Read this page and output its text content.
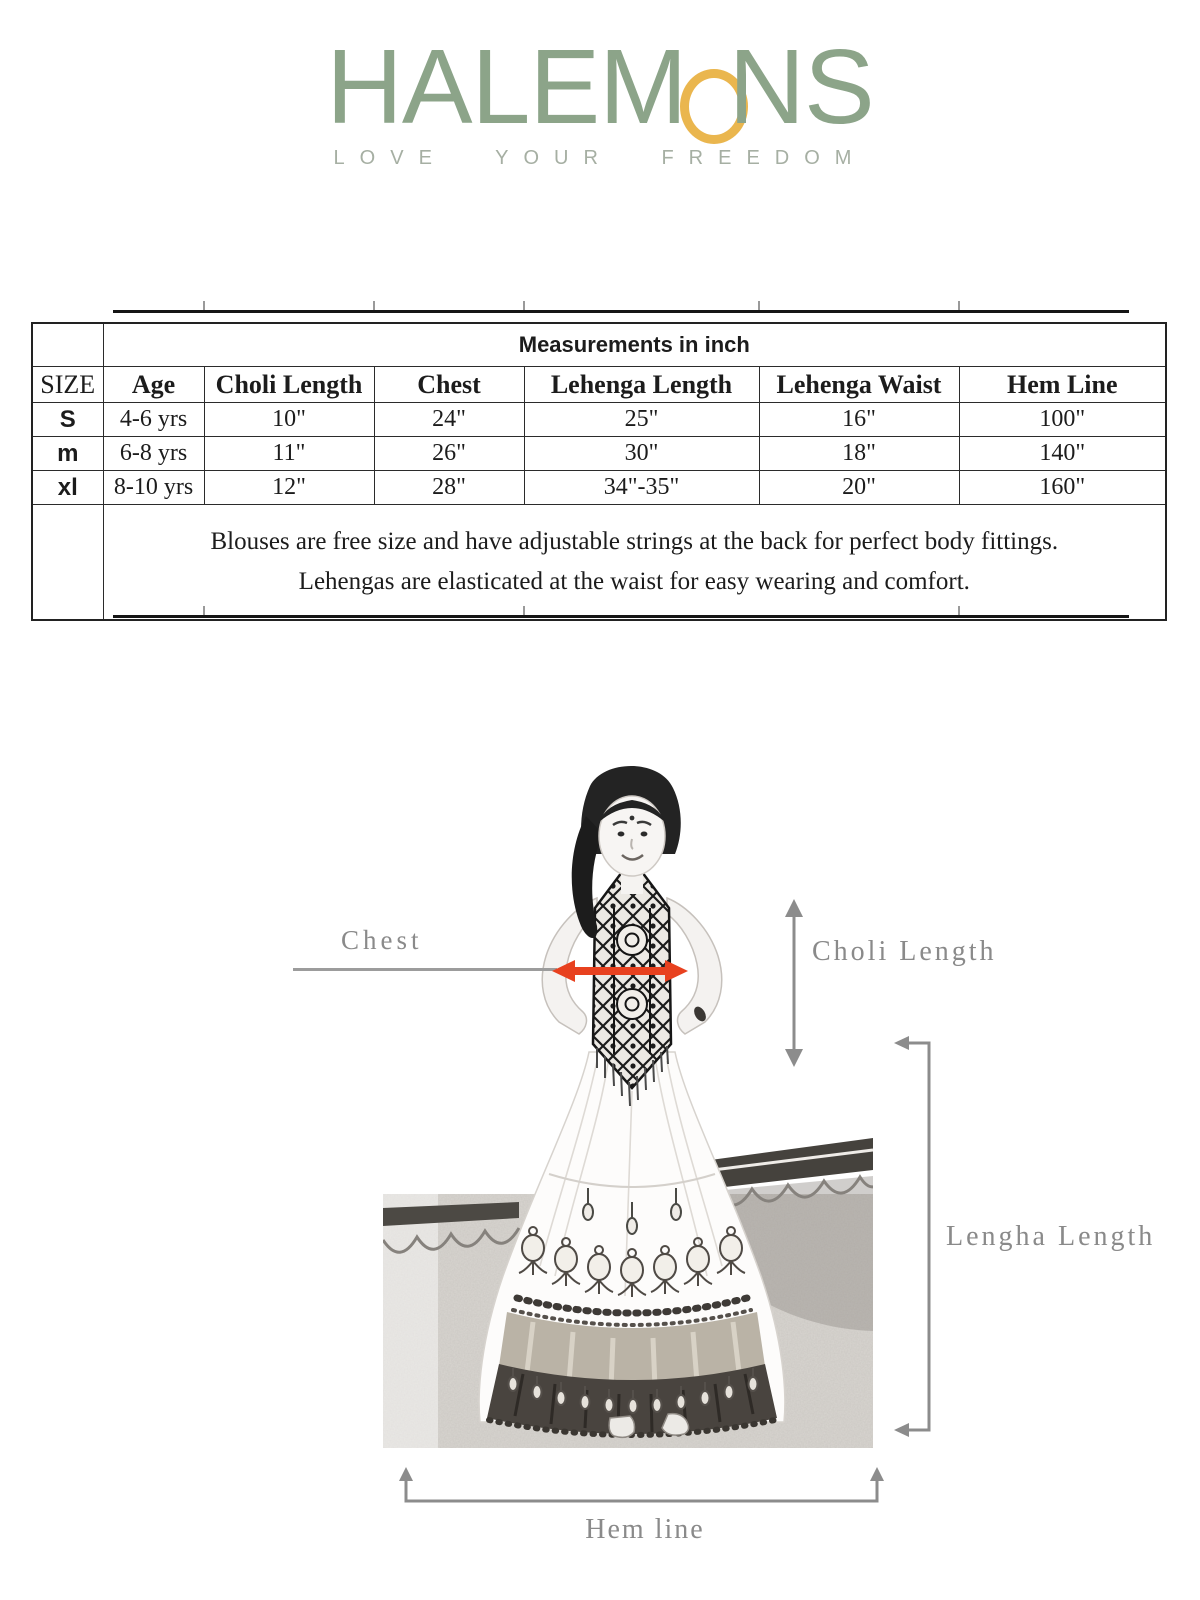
HALEM NS
LOVE YOUR FREEDOM
	Measurements in inch					
SIZE	Age	Choli Length	Chest	Lehenga Length	Lehenga Waist	Hem Line
S	4-6 yrs	10"	24"	25"	16"	100"
m	6-8 yrs	11"	26"	30"	18"	140"
xl	8-10 yrs	12"	28"	34"-35"	20"	160"

	Blouses are free size and have adjustable strings at the back for perfect body fittings.
Lehengas are elasticated at the waist for easy wearing and comfort.					
Chest	Choli Length
Lengha Length
Hem line
